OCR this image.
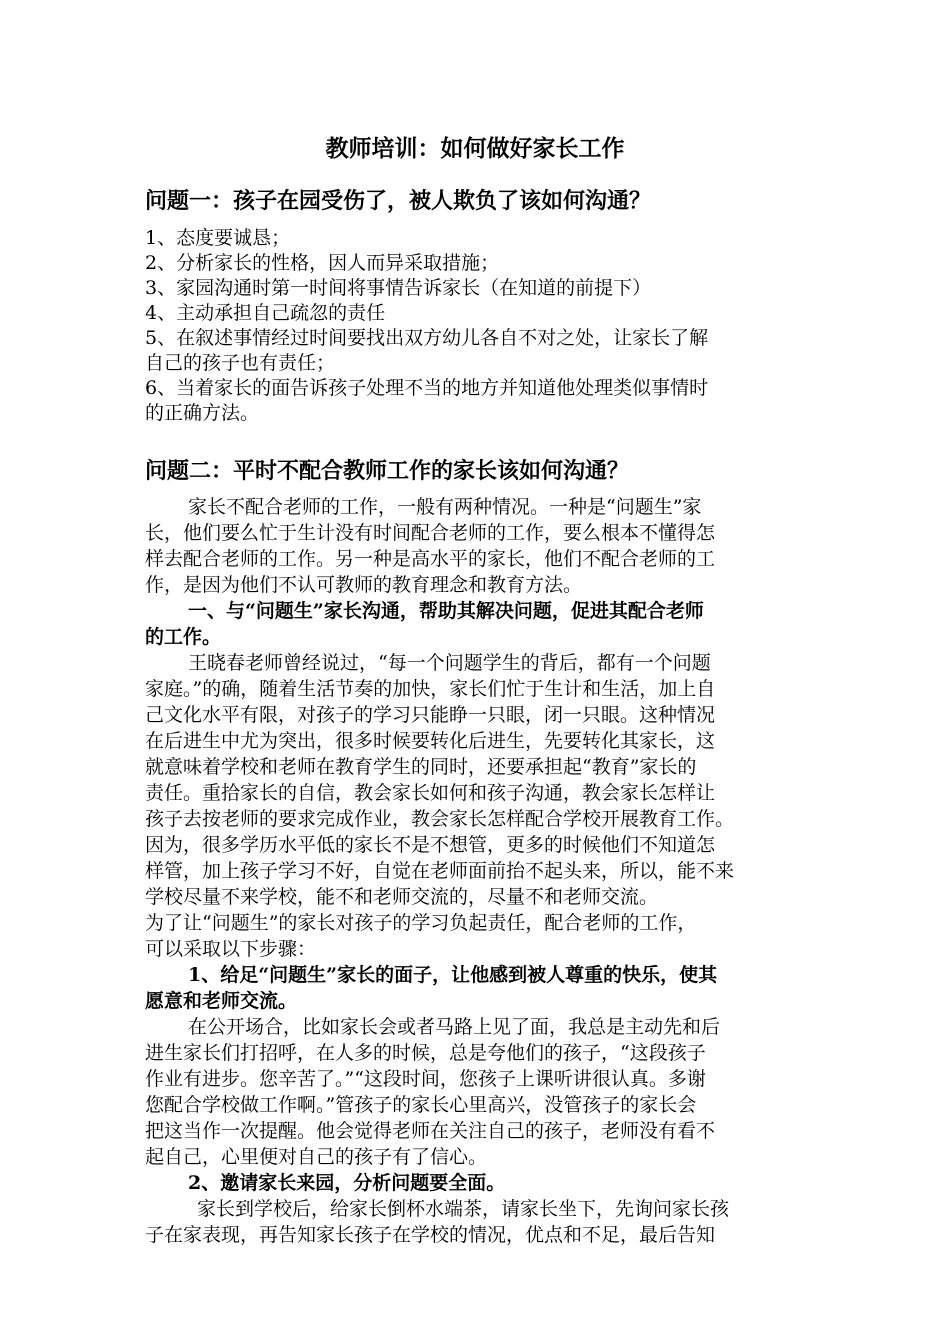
教师培训：如何做好家长工作
问题一：孩子在园受伤了，被人欺负了该如何沟通？
1、态度要诚恳；
2、分析家长的性格，因人而异采取措施；
3、家园沟通时第一时间将事情告诉家长（在知道的前提下）
4、主动承担自己疏忽的责任
5、在叙述事情经过时间要找出双方幼儿各自不对之处，让家长了解
自己的孩子也有责任；
6、当着家长的面告诉孩子处理不当的地方并知道他处理类似事情时
的正确方法。
问题二：平时不配合教师工作的家长该如何沟通？
家长不配合老师的工作，一般有两种情况。一种是“问题生”家
长，他们要么忙于生计没有时间配合老师的工作，要么根本不懂得怎
样去配合老师的工作。另一种是高水平的家长，他们不配合老师的工
作，是因为他们不认可教师的教育理念和教育方法。
一、与“问题生”家长沟通，帮助其解决问题，促进其配合老师
的工作。
王晓春老师曾经说过，“每一个问题学生的背后，都有一个问题
家庭。”的确，随着生活节奏的加快，家长们忙于生计和生活，加上自
己文化水平有限，对孩子的学习只能睁一只眼，闭一只眼。这种情况
在后进生中尤为突出，很多时候要转化后进生，先要转化其家长，这
就意味着学校和老师在教育学生的同时，还要承担起“教育”家长的
责任。重拾家长的自信，教会家长如何和孩子沟通，教会家长怎样让
孩子去按老师的要求完成作业，教会家长怎样配合学校开展教育工作。
因为，很多学历水平低的家长不是不想管，更多的时候他们不知道怎
样管，加上孩子学习不好，自觉在老师面前抬不起头来，所以，能不来
学校尽量不来学校，能不和老师交流的，尽量不和老师交流。
为了让“问题生”的家长对孩子的学习负起责任，配合老师的工作，
可以采取以下步骤：
1、给足“问题生”家长的面子，让他感到被人尊重的快乐，使其
愿意和老师交流。
在公开场合，比如家长会或者马路上见了面，我总是主动先和后
进生家长们打招呼，在人多的时候，总是夸他们的孩子，“这段孩子
作业有进步。您辛苦了。”“这段时间，您孩子上课听讲很认真。多谢
您配合学校做工作啊。”管孩子的家长心里高兴，没管孩子的家长会
把这当作一次提醒。他会觉得老师在关注自己的孩子，老师没有看不
起自己，心里便对自己的孩子有了信心。
2、邀请家长来园，分析问题要全面。
家长到学校后，给家长倒杯水端茶，请家长坐下，先询问家长孩
子在家表现，再告知家长孩子在学校的情况，优点和不足，最后告知
